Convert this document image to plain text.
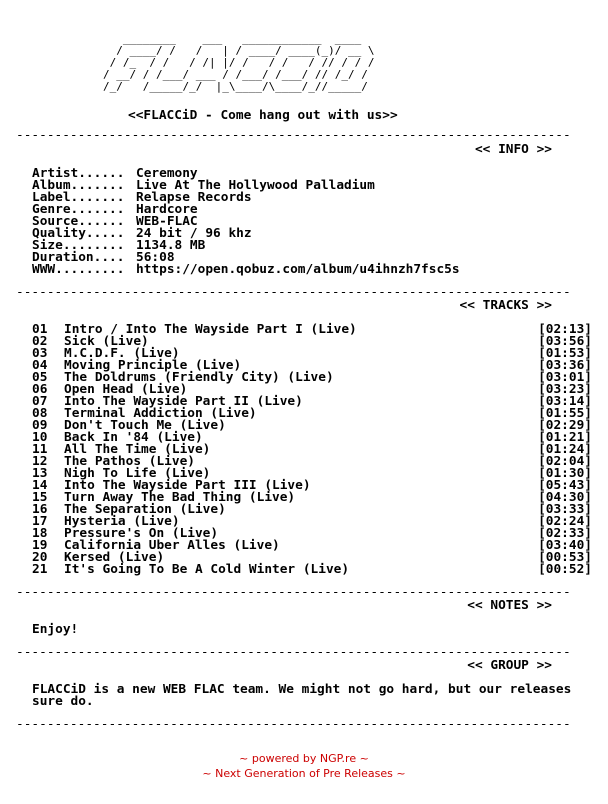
________    ___   ____________  ____
/ ____/ /   /   | / ____/ ____(_)/ __ \
/ /_  / /   / /| |/ /   / /   / // / / /
/ __/ / /___/ ___ / /___/ /___/ // /_/ /
/_/   /_____/_/  |_\____/\____/_//_____/
<<FLACCiD - Come hang out with us>>
------------------------------------------------------------------------
<< INFO >>
Artist...... Ceremony
Album....... Live At The Hollywood Palladium
Label....... Relapse Records
Genre....... Hardcore
Source...... WEB-FLAC
Quality..... 24 bit / 96 khz
Size........ 1134.8 MB
Duration.... 56:08
WWW......... https://open.qobuz.com/album/u4ihnzh7fsc5s
------------------------------------------------------------------------
<< TRACKS >>
01 Intro / Into The Wayside Part I (Live)	[02:13]
02 Sick (Live)	[03:56]
03 M.C.D.F. (Live)	[01:53]
04 Moving Principle (Live)	[03:36]
05 The Doldrums (Friendly City) (Live)	[03:01]
06 Open Head (Live)	[03:23]
07 Into The Wayside Part II (Live)	[03:14]
08 Terminal Addiction (Live)	[01:55]
09 Don't Touch Me (Live)	[02:29]
10 Back In '84 (Live)	[01:21]
11 All The Time (Live)	[01:24]
12 The Pathos (Live)	[02:04]
13 Nigh To Life (Live)	[01:30]
14 Into The Wayside Part III (Live)	[05:43]
15 Turn Away The Bad Thing (Live)	[04:30]
16 The Separation (Live)	[03:33]
17 Hysteria (Live)	[02:24]
18 Pressure's On (Live)	[02:33]
19 California Uber Alles (Live)	[03:40]
20 Kersed (Live)	[00:53]
21 It's Going To Be A Cold Winter (Live)	[00:52]
------------------------------------------------------------------------
<< NOTES >>
Enjoy!
------------------------------------------------------------------------
<< GROUP >>
FLACCiD is a new WEB FLAC team. We might not go hard, but our releases sure do.
------------------------------------------------------------------------
~ powered by NGP.re ~
~ Next Generation of Pre Releases ~
